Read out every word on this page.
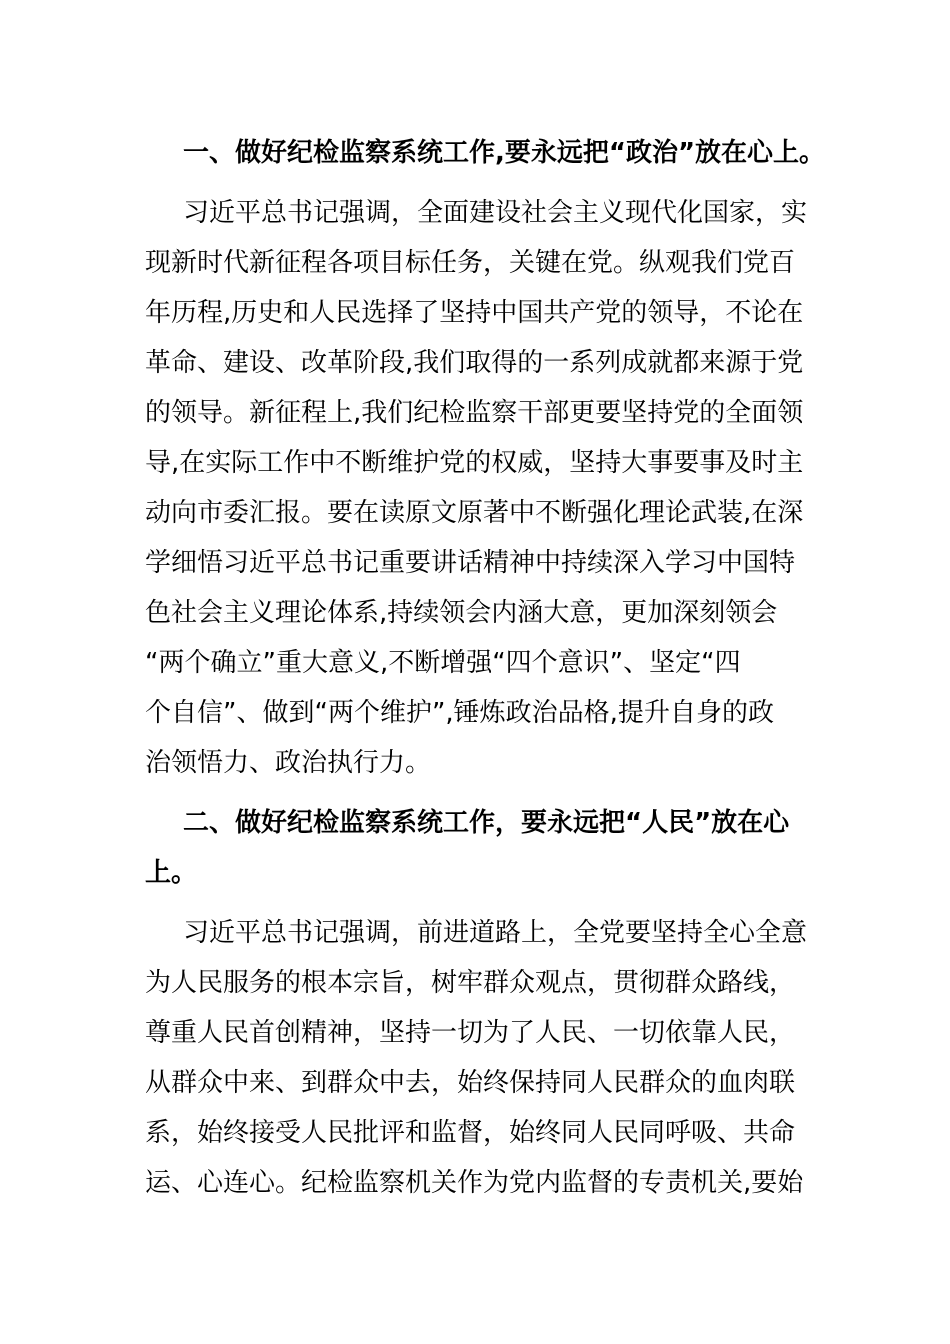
一、做好纪检监察系统工作,要永远把“政治”放在心上。
习近平总书记强调，全面建设社会主义现代化国家，实
现新时代新征程各项目标任务，关键在党。纵观我们党百
年历程,历史和人民选择了坚持中国共产党的领导，不论在
革命、建设、改革阶段,我们取得的一系列成就都来源于党
的领导。新征程上,我们纪检监察干部更要坚持党的全面领
导,在实际工作中不断维护党的权威，坚持大事要事及时主
动向市委汇报。要在读原文原著中不断强化理论武装,在深
学细悟习近平总书记重要讲话精神中持续深入学习中国特
色社会主义理论体系,持续领会内涵大意，更加深刻领会
“两个确立”重大意义,不断增强“四个意识”、坚定“四
个自信”、做到“两个维护”,锤炼政治品格,提升自身的政
治领悟力、政治执行力。
二、做好纪检监察系统工作，要永远把“人民”放在心
上。
习近平总书记强调，前进道路上，全党要坚持全心全意
为人民服务的根本宗旨，树牢群众观点，贯彻群众路线，
尊重人民首创精神，坚持一切为了人民、一切依靠人民，
从群众中来、到群众中去，始终保持同人民群众的血肉联
系，始终接受人民批评和监督，始终同人民同呼吸、共命
运、心连心。纪检监察机关作为党内监督的专责机关,要始
